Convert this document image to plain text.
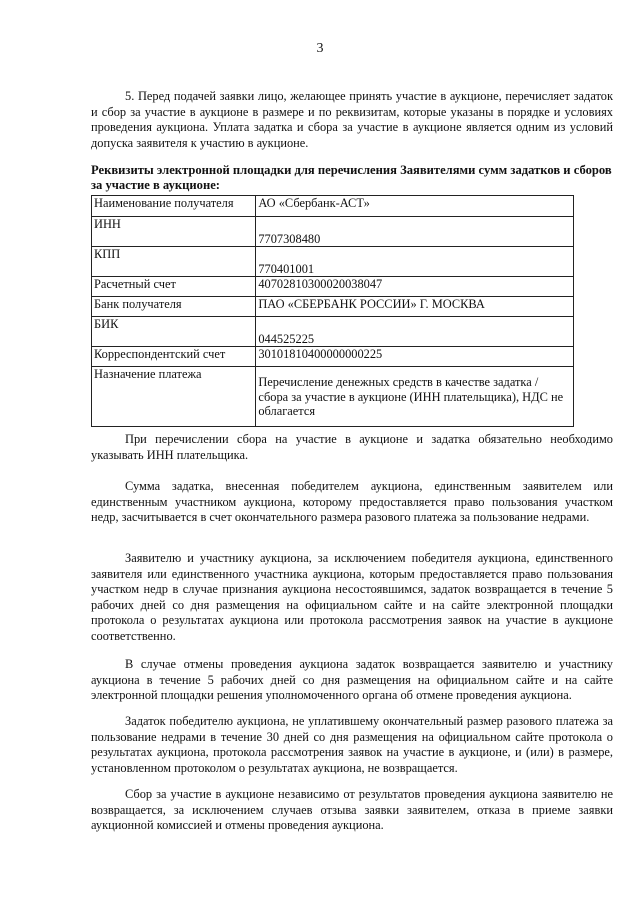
3

5. Перед подачей заявки лицо, желающее принять участие в аукционе, перечисляет задаток и сбор за участие в аукционе в размере и по реквизитам, которые указаны в порядке и условиях проведения аукциона. Уплата задатка и сбора за участие в аукционе является одним из условий допуска заявителя к участию в аукционе.

Реквизиты электронной площадки для перечисления Заявителями сумм задатков и сборов за участие в аукционе:

Наименование получателя	АО «Сбербанк-АСТ»
ИНН	7707308480
КПП	770401001
Расчетный счет	40702810300020038047
Банк получателя	ПАО «СБЕРБАНК РОССИИ» Г. МОСКВА
БИК	044525225
Корреспондентский счет	30101810400000000225
Назначение платежа	Перечисление денежных средств в качестве задатка / сбора за участие в аукционе (ИНН плательщика), НДС не облагается

При перечислении сбора на участие в аукционе и задатка обязательно необходимо указывать ИНН плательщика.

Сумма задатка, внесенная победителем аукциона, единственным заявителем или единственным участником аукциона, которому предоставляется право пользования участком недр, засчитывается в счет окончательного размера разового платежа за пользование недрами.

Заявителю и участнику аукциона, за исключением победителя аукциона, единственного заявителя или единственного участника аукциона, которым предоставляется право пользования участком недр в случае признания аукциона несостоявшимся, задаток возвращается в течение 5 рабочих дней со дня размещения на официальном сайте и на сайте электронной площадки протокола о результатах аукциона или протокола рассмотрения заявок на участие в аукционе соответственно.

В случае отмены проведения аукциона задаток возвращается заявителю и участнику аукциона в течение 5 рабочих дней со дня размещения на официальном сайте и на сайте электронной площадки решения уполномоченного органа об отмене проведения аукциона.

Задаток победителю аукциона, не уплатившему окончательный размер разового платежа за пользование недрами в течение 30 дней со дня размещения на официальном сайте протокола о результатах аукциона, протокола рассмотрения заявок на участие в аукционе, и (или) в размере, установленном протоколом о результатах аукциона, не возвращается.

Сбор за участие в аукционе независимо от результатов проведения аукциона заявителю не возвращается, за исключением случаев отзыва заявки заявителем, отказа в приеме заявки аукционной комиссией и отмены проведения аукциона.
